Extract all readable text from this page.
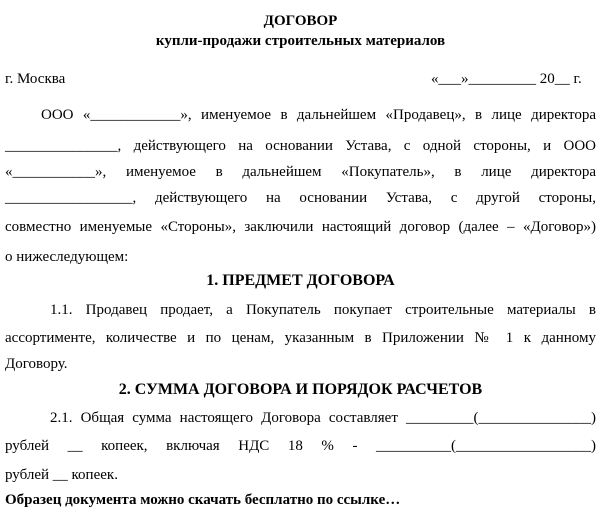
ДОГОВОР
купли-продажи строительных материалов
г. Москва	«___»_________ 20__ г.
ООО «____________», именуемое в дальнейшем «Продавец», в лице директора
_______________, действующего на основании Устава, с одной стороны, и ООО
«___________», именуемое в дальнейшем «Покупатель», в лице директора
_________________, действующего на основании Устава, с другой стороны,
совместно именуемые «Стороны», заключили настоящий договор (далее – «Договор»)
о нижеследующем:
1. ПРЕДМЕТ ДОГОВОРА
1.1. Продавец продает, а Покупатель покупает строительные материалы в
ассортименте, количестве и по ценам, указанным в Приложении № 1 к данному
Договору.
2. СУММА ДОГОВОРА И ПОРЯДОК РАСЧЕТОВ
2.1. Общая сумма настоящего Договора составляет _________(_______________)
рублей __ копеек, включая НДС 18 % - __________(__________________)
рублей __ копеек.
Образец документа можно скачать бесплатно по ссылке…
